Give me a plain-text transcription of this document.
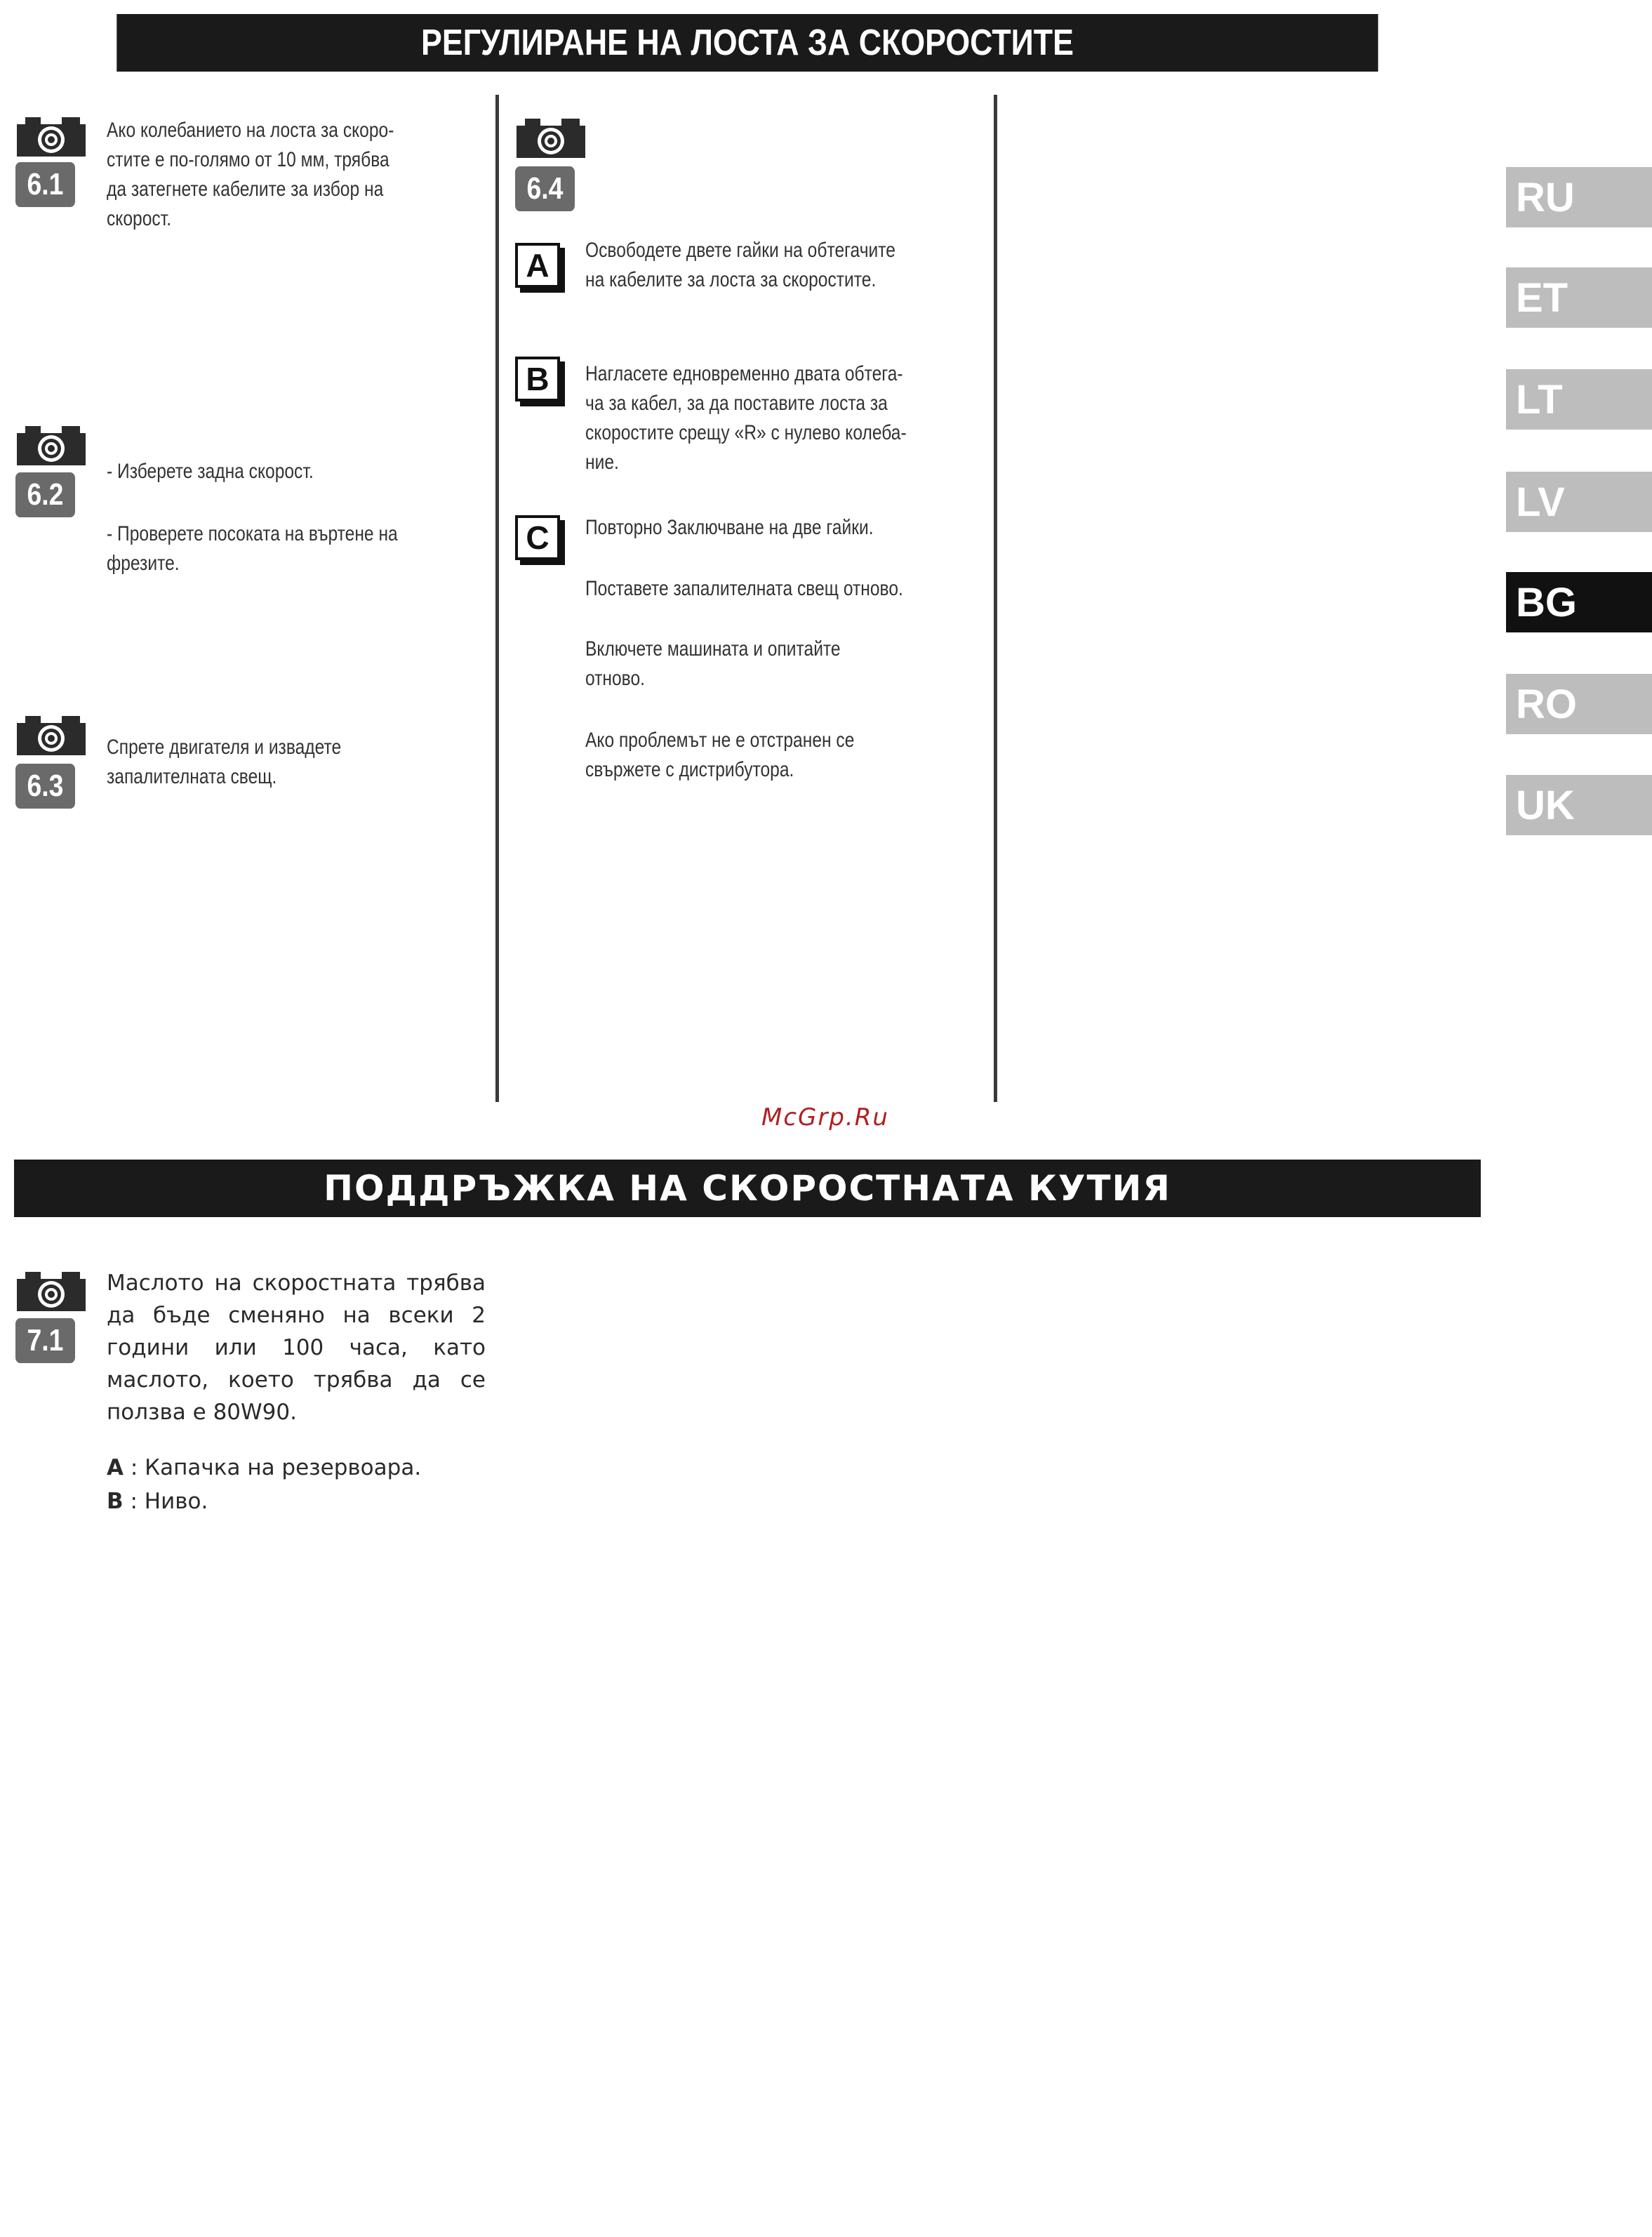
РЕГУЛИРАНЕ НА ЛОСТА ЗА СКОРОСТИТЕ
6.1
Ако колебанието на лоста за скоро-
стите е по-голямо от 10 мм, трябва
да затегнете кабелите за избор на
скорост.
6.2
- Изберете задна скорост.
- Проверете посоката на въртене на
фрезите.
6.3
Спрете двигателя и извадете
запалителната свещ.
6.4
A	Освободете двете гайки на обтегачите
на кабелите за лоста за скоростите.
B	Нагласете едновременно двата обтега-
ча за кабел, за да поставите лоста за
скоростите срещу «R» с нулево колеба-
ние.
C	Повторно Заключване на две гайки.
Поставете запалителната свещ отново.
Включете машината и опитайте
отново.
Ако проблемът не е отстранен се
свържете с дистрибутора.
McGrp.Ru
ПОДДРЪЖКА НА СКОРОСТНАТА КУТИЯ
7.1
Маслото на скоростната трябва да бъде сменяно на всеки 2 години или 100 часа, като маслото, което трябва да се ползва е 80W90.
A : Капачка на резервоара.
B : Ниво.
RU
ET
LT
LV
BG
RO
UK
